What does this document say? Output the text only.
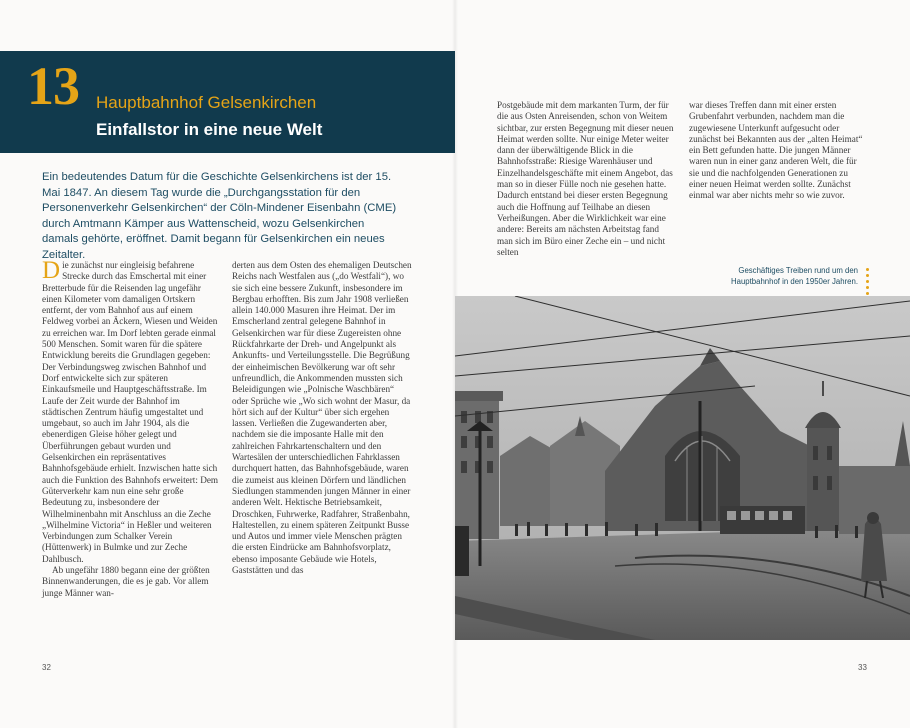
13 Hauptbahnhof Gelsenkirchen
Einfallstor in eine neue Welt
Ein bedeutendes Datum für die Geschichte Gelsenkirchens ist der 15. Mai 1847. An diesem Tag wurde die „Durchgangsstation für den Personenverkehr Gelsenkirchen“ der Cöln-Mindener Eisenbahn (CME) durch Amtmann Kämper aus Wattenscheid, wozu Gelsenkirchen damals gehörte, eröffnet. Damit begann für Gelsenkirchen ein neues Zeitalter.

Die zunächst nur eingleisig befahrene Strecke durch das Emschertal mit einer Bretterbude für die Reisenden lag ungefähr einen Kilometer vom damaligen Ortskern entfernt, der vom Bahnhof aus auf einem Feldweg vorbei an Äckern, Wiesen und Weiden zu erreichen war. Im Dorf lebten gerade einmal 500 Menschen. Somit waren für die spätere Entwicklung bereits die Grundlagen gegeben: Der Verbindungsweg zwischen Bahnhof und Dorf entwickelte sich zur späteren Einkaufsmeile und Hauptgeschäftsstraße. Im Laufe der Zeit wurde der Bahnhof im städtischen Zentrum häufig umgestaltet und umgebaut, so auch im Jahr 1904, als die ebenerdigen Gleise höher gelegt und Überführungen gebaut wurden und Gelsenkirchen ein repräsentatives Bahnhofsgebäude erhielt. Inzwischen hatte sich auch die Funktion des Bahnhofs erweitert: Dem Güterverkehr kam nun eine sehr große Bedeutung zu, insbesondere der Wilhelminenbahn mit Anschluss an die Zeche „Wilhelmine Victoria“ in Heßler und weiteren Verbindungen zum Schalker Verein (Hüttenwerk) in Bulmke und zur Zeche Dahlbusch.

Ab ungefähr 1880 begann eine der größten Binnenwanderungen, die es je gab. Vor allem junge Männer wan-

derten aus dem Osten des ehemaligen Deutschen Reichs nach Westfalen aus („do Westfali“), wo sie sich eine bessere Zukunft, insbesondere im Bergbau erhofften. Bis zum Jahr 1908 verließen allein 140.000 Masuren ihre Heimat. Der im Emscherland zentral gelegene Bahnhof in Gelsenkirchen war für diese Zugereisten ohne Rückfahrkarte der Dreh- und Angelpunkt als Ankunfts- und Verteilungsstelle. Die Begrüßung der einheimischen Bevölkerung war oft sehr unfreundlich, die Ankommenden mussten sich Beleidigungen wie „Polnische Waschbären“ oder Sprüche wie „Wo sich wohnt der Masur, da hört sich auf der Kultur“ über sich ergehen lassen. Verließen die Zugewanderten aber, nachdem sie die imposante Halle mit den zahlreichen Fahrkartenschaltern und den Wartesälen der unterschiedlichen Fahrklassen durchquert hatten, das Bahnhofsgebäude, waren die zumeist aus kleinen Dörfern und ländlichen Siedlungen stammenden jungen Männer in einer anderen Welt. Hektische Betriebsamkeit, Droschken, Fuhrwerke, Radfahrer, Straßenbahn, Haltestellen, zu einem späteren Zeitpunkt Busse und Autos und immer viele Menschen prägten die ersten Eindrücke am Bahnhofsvorplatz, ebenso imposante Gebäude wie Hotels, Gaststätten und das

Postgebäude mit dem markanten Turm, der für die aus Osten Anreisenden, schon von Weitem sichtbar, zur ersten Begegnung mit dieser neuen Heimat werden sollte. Nur einige Meter weiter dann der überwältigende Blick in die Bahnhofsstraße: Riesige Warenhäuser und Einzelhandelsgeschäfte mit einem Angebot, das man so in dieser Fülle noch nie gesehen hatte. Dadurch entstand bei dieser ersten Begegnung auch die Hoffnung auf Teilhabe an diesen Verheißungen. Aber die Wirklichkeit war eine andere: Bereits am nächsten Arbeitstag fand man sich im Büro einer Zeche ein – und nicht selten

war dieses Treffen dann mit einer ersten Grubenfahrt verbunden, nachdem man die zugewiesene Unterkunft aufgesucht oder zunächst bei Bekannten aus der „alten Heimat“ ein Bett gefunden hatte. Die jungen Männer waren nun in einer ganz anderen Welt, die für sie und die nachfolgenden Generationen zu einer neuen Heimat werden sollte. Zunächst einmal war aber nichts mehr so wie zuvor.

Geschäftiges Treiben rund um den Hauptbahnhof in den 1950er Jahren.
32	33
